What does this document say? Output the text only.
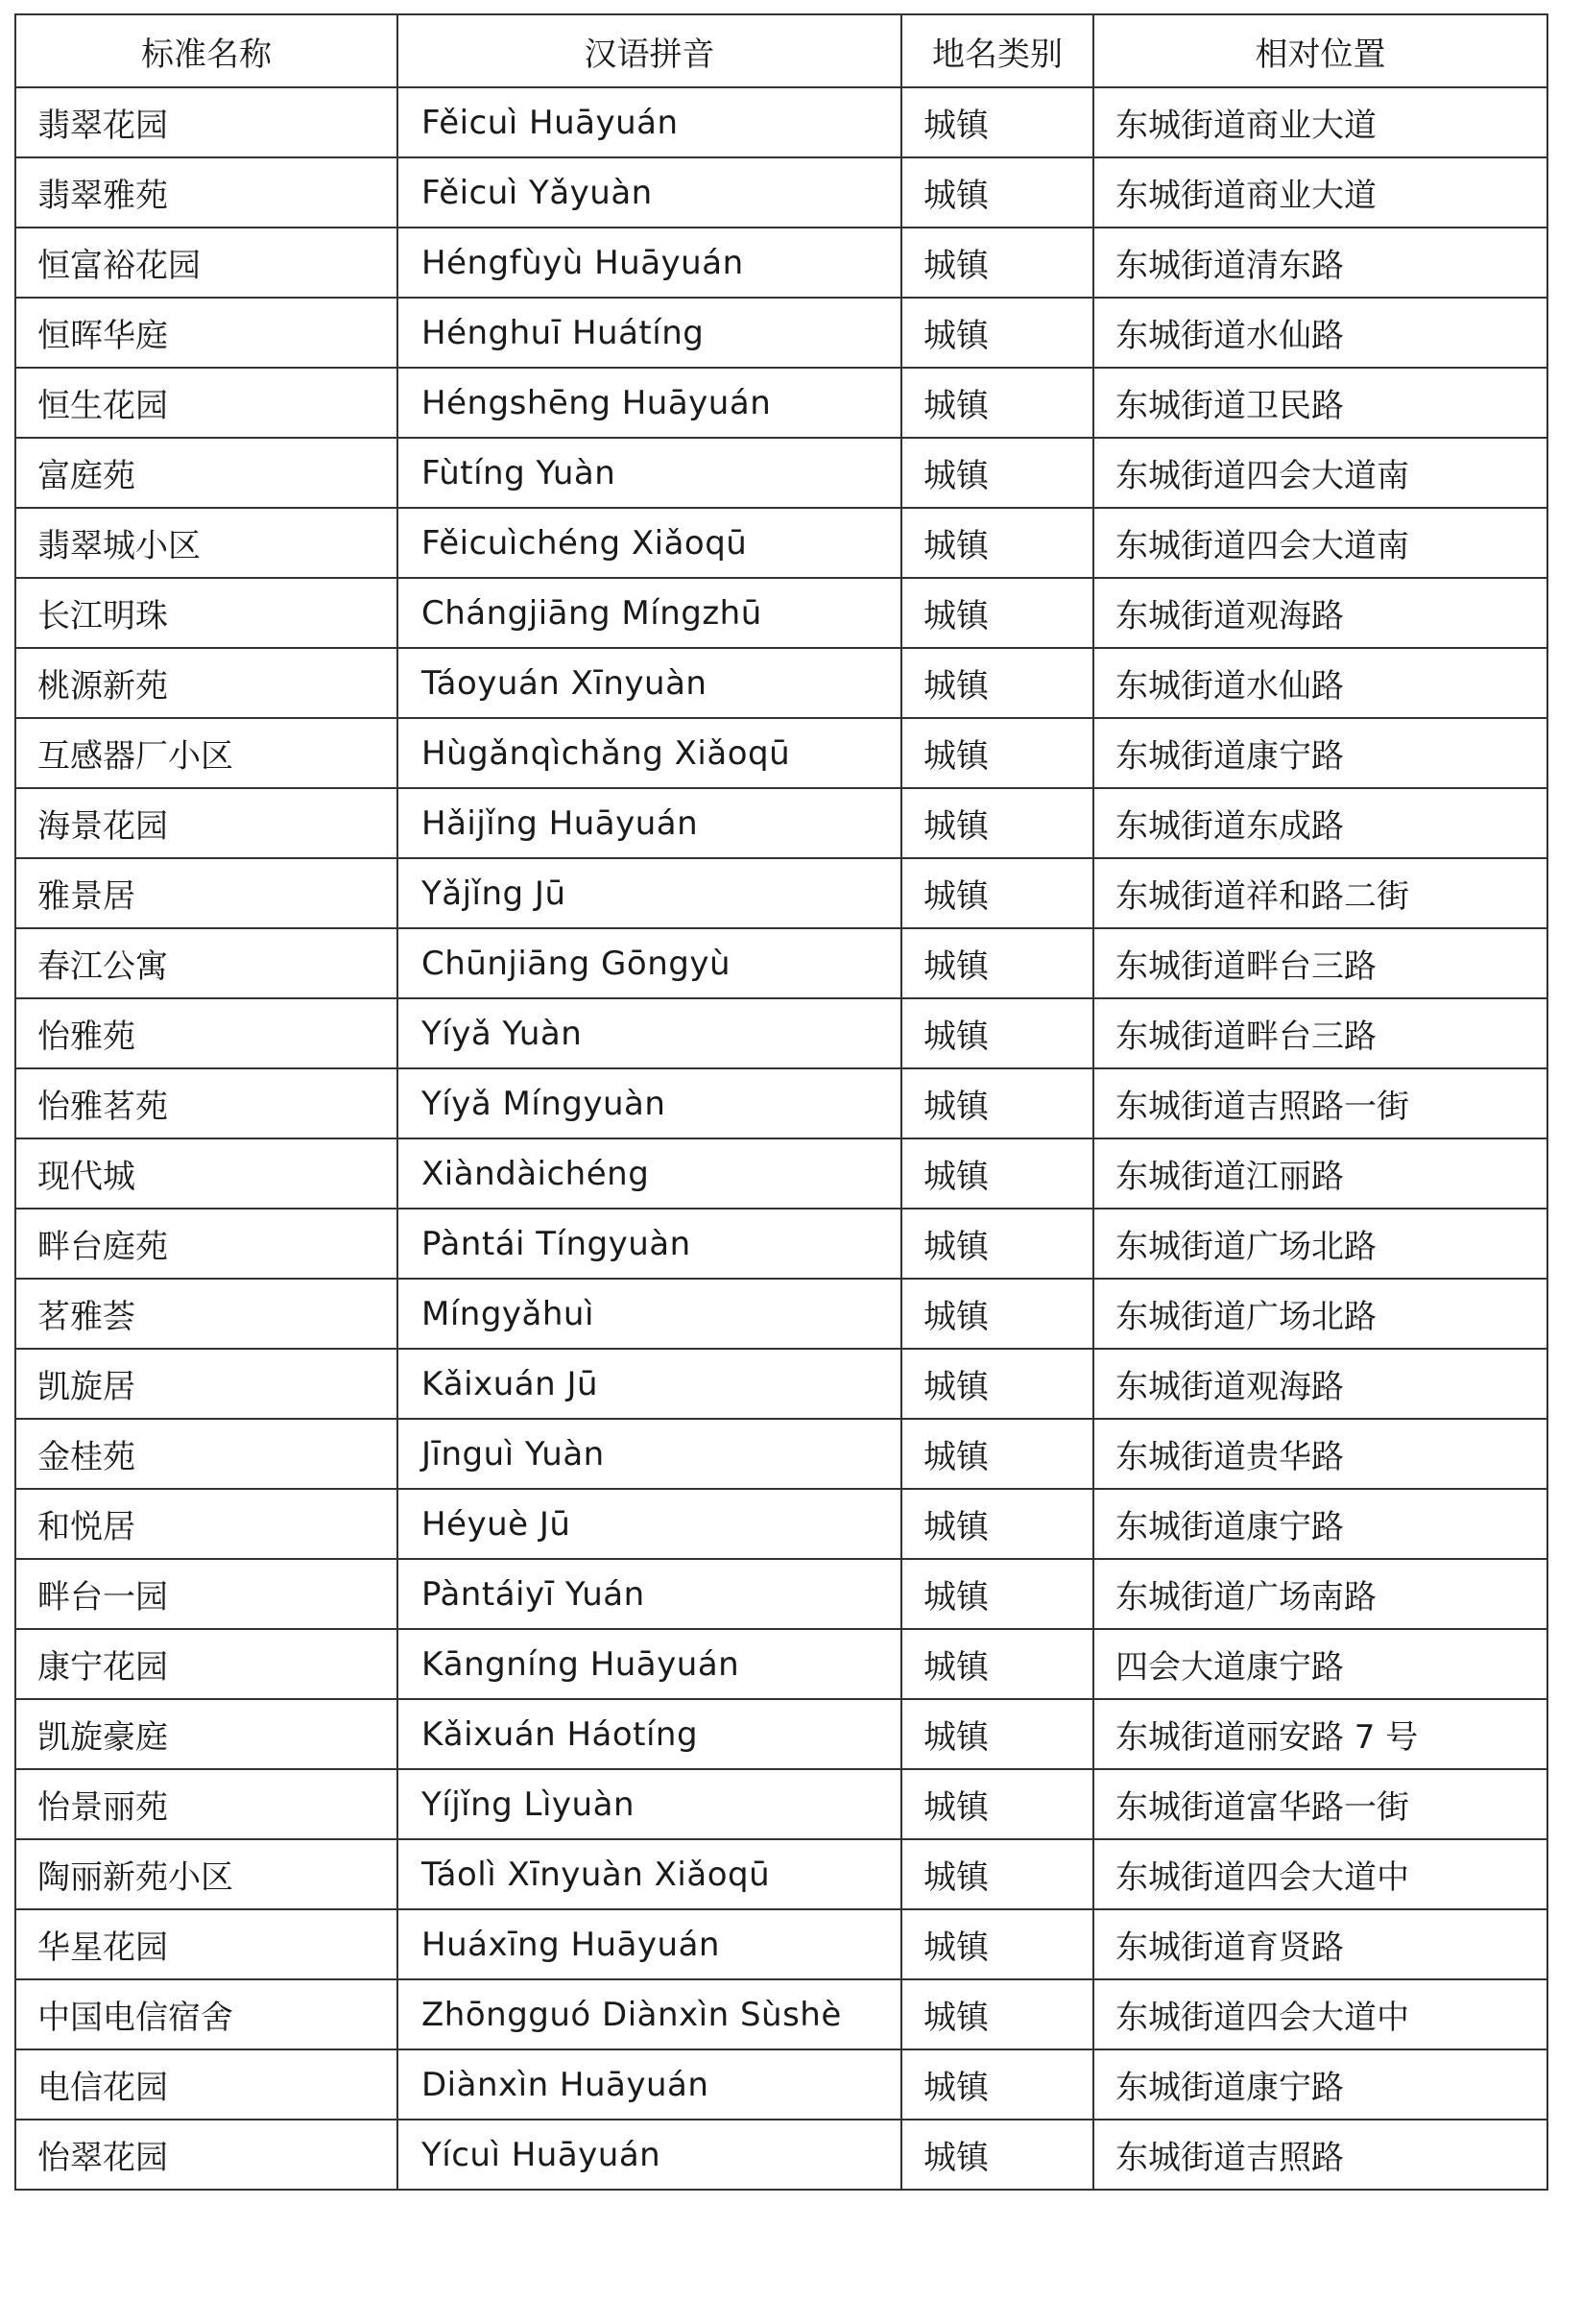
标准名称	汉语拼音	地名类别	相对位置
翡翠花园	Fěicuì Huāyuán	城镇	东城街道商业大道
翡翠雅苑	Fěicuì Yǎyuàn	城镇	东城街道商业大道
恒富裕花园	Héngfùyù Huāyuán	城镇	东城街道清东路
恒晖华庭	Hénghuī Huátíng	城镇	东城街道水仙路
恒生花园	Héngshēng Huāyuán	城镇	东城街道卫民路
富庭苑	Fùtíng Yuàn	城镇	东城街道四会大道南
翡翠城小区	Fěicuìchéng Xiǎoqū	城镇	东城街道四会大道南
长江明珠	Chángjiāng Míngzhū	城镇	东城街道观海路
桃源新苑	Táoyuán Xīnyuàn	城镇	东城街道水仙路
互感器厂小区	Hùgǎnqìchǎng Xiǎoqū	城镇	东城街道康宁路
海景花园	Hǎijǐng Huāyuán	城镇	东城街道东成路
雅景居	Yǎjǐng Jū	城镇	东城街道祥和路二街
春江公寓	Chūnjiāng Gōngyù	城镇	东城街道畔台三路
怡雅苑	Yíyǎ Yuàn	城镇	东城街道畔台三路
怡雅茗苑	Yíyǎ Míngyuàn	城镇	东城街道吉照路一街
现代城	Xiàndàichéng	城镇	东城街道江丽路
畔台庭苑	Pàntái Tíngyuàn	城镇	东城街道广场北路
茗雅荟	Míngyǎhuì	城镇	东城街道广场北路
凯旋居	Kǎixuán Jū	城镇	东城街道观海路
金桂苑	Jīnguì Yuàn	城镇	东城街道贵华路
和悦居	Héyuè Jū	城镇	东城街道康宁路
畔台一园	Pàntáiyī Yuán	城镇	东城街道广场南路
康宁花园	Kāngníng Huāyuán	城镇	四会大道康宁路
凯旋豪庭	Kǎixuán Háotíng	城镇	东城街道丽安路 7 号
怡景丽苑	Yíjǐng Lìyuàn	城镇	东城街道富华路一街
陶丽新苑小区	Táolì Xīnyuàn Xiǎoqū	城镇	东城街道四会大道中
华星花园	Huáxīng Huāyuán	城镇	东城街道育贤路
中国电信宿舍	Zhōngguó Diànxìn Sùshè	城镇	东城街道四会大道中
电信花园	Diànxìn Huāyuán	城镇	东城街道康宁路
怡翠花园	Yícuì Huāyuán	城镇	东城街道吉照路
